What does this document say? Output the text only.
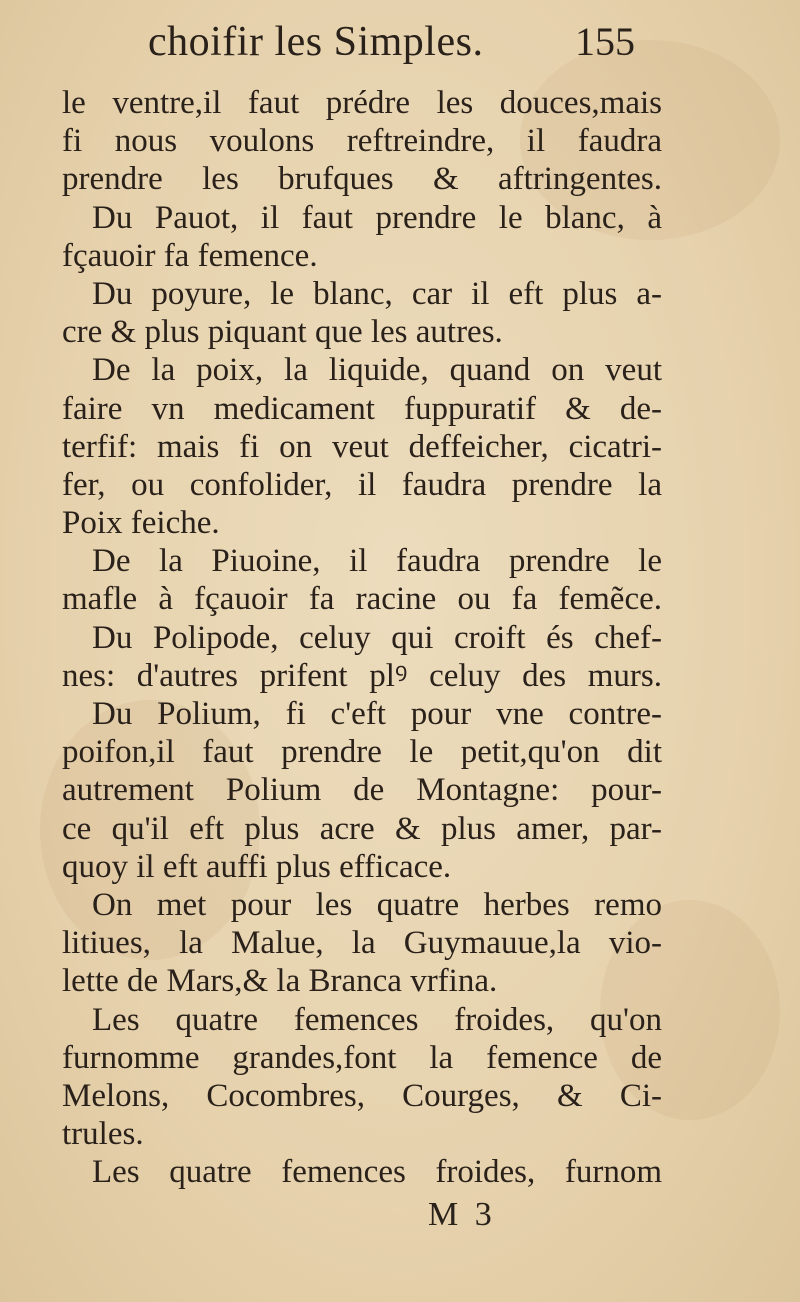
choifir les Simples. 155
le ventre,il faut prédre les douces,mais
fi nous voulons reftreindre, il faudra
prendre les brufques & aftringentes.
Du Pauot, il faut prendre le blanc, à
fçauoir fa femence.
Du poyure, le blanc, car il eft plus a-
cre & plus piquant que les autres.
De la poix, la liquide, quand on veut
faire vn medicament fuppuratif & de-
terfif: mais fi on veut deffeicher, cicatri-
fer, ou confolider, il faudra prendre la
Poix feiche.
De la Piuoine, il faudra prendre le
mafle à fçauoir fa racine ou fa femẽce.
Du Polipode, celuy qui croift és chef-
nes: d'autres prifent plꝰ celuy des murs.
Du Polium, fi c'eft pour vne contre-
poifon,il faut prendre le petit,qu'on dit
autrement Polium de Montagne: pour-
ce qu'il eft plus acre & plus amer, par-
quoy il eft auffi plus efficace.
On met pour les quatre herbes remo
litiues, la Malue, la Guymauue,la vio-
lette de Mars,& la Branca vrfina.
Les quatre femences froides, qu'on
furnomme grandes,font la femence de
Melons, Cocombres, Courges, & Ci-
trules.
Les quatre femences froides, furnom
M 3
